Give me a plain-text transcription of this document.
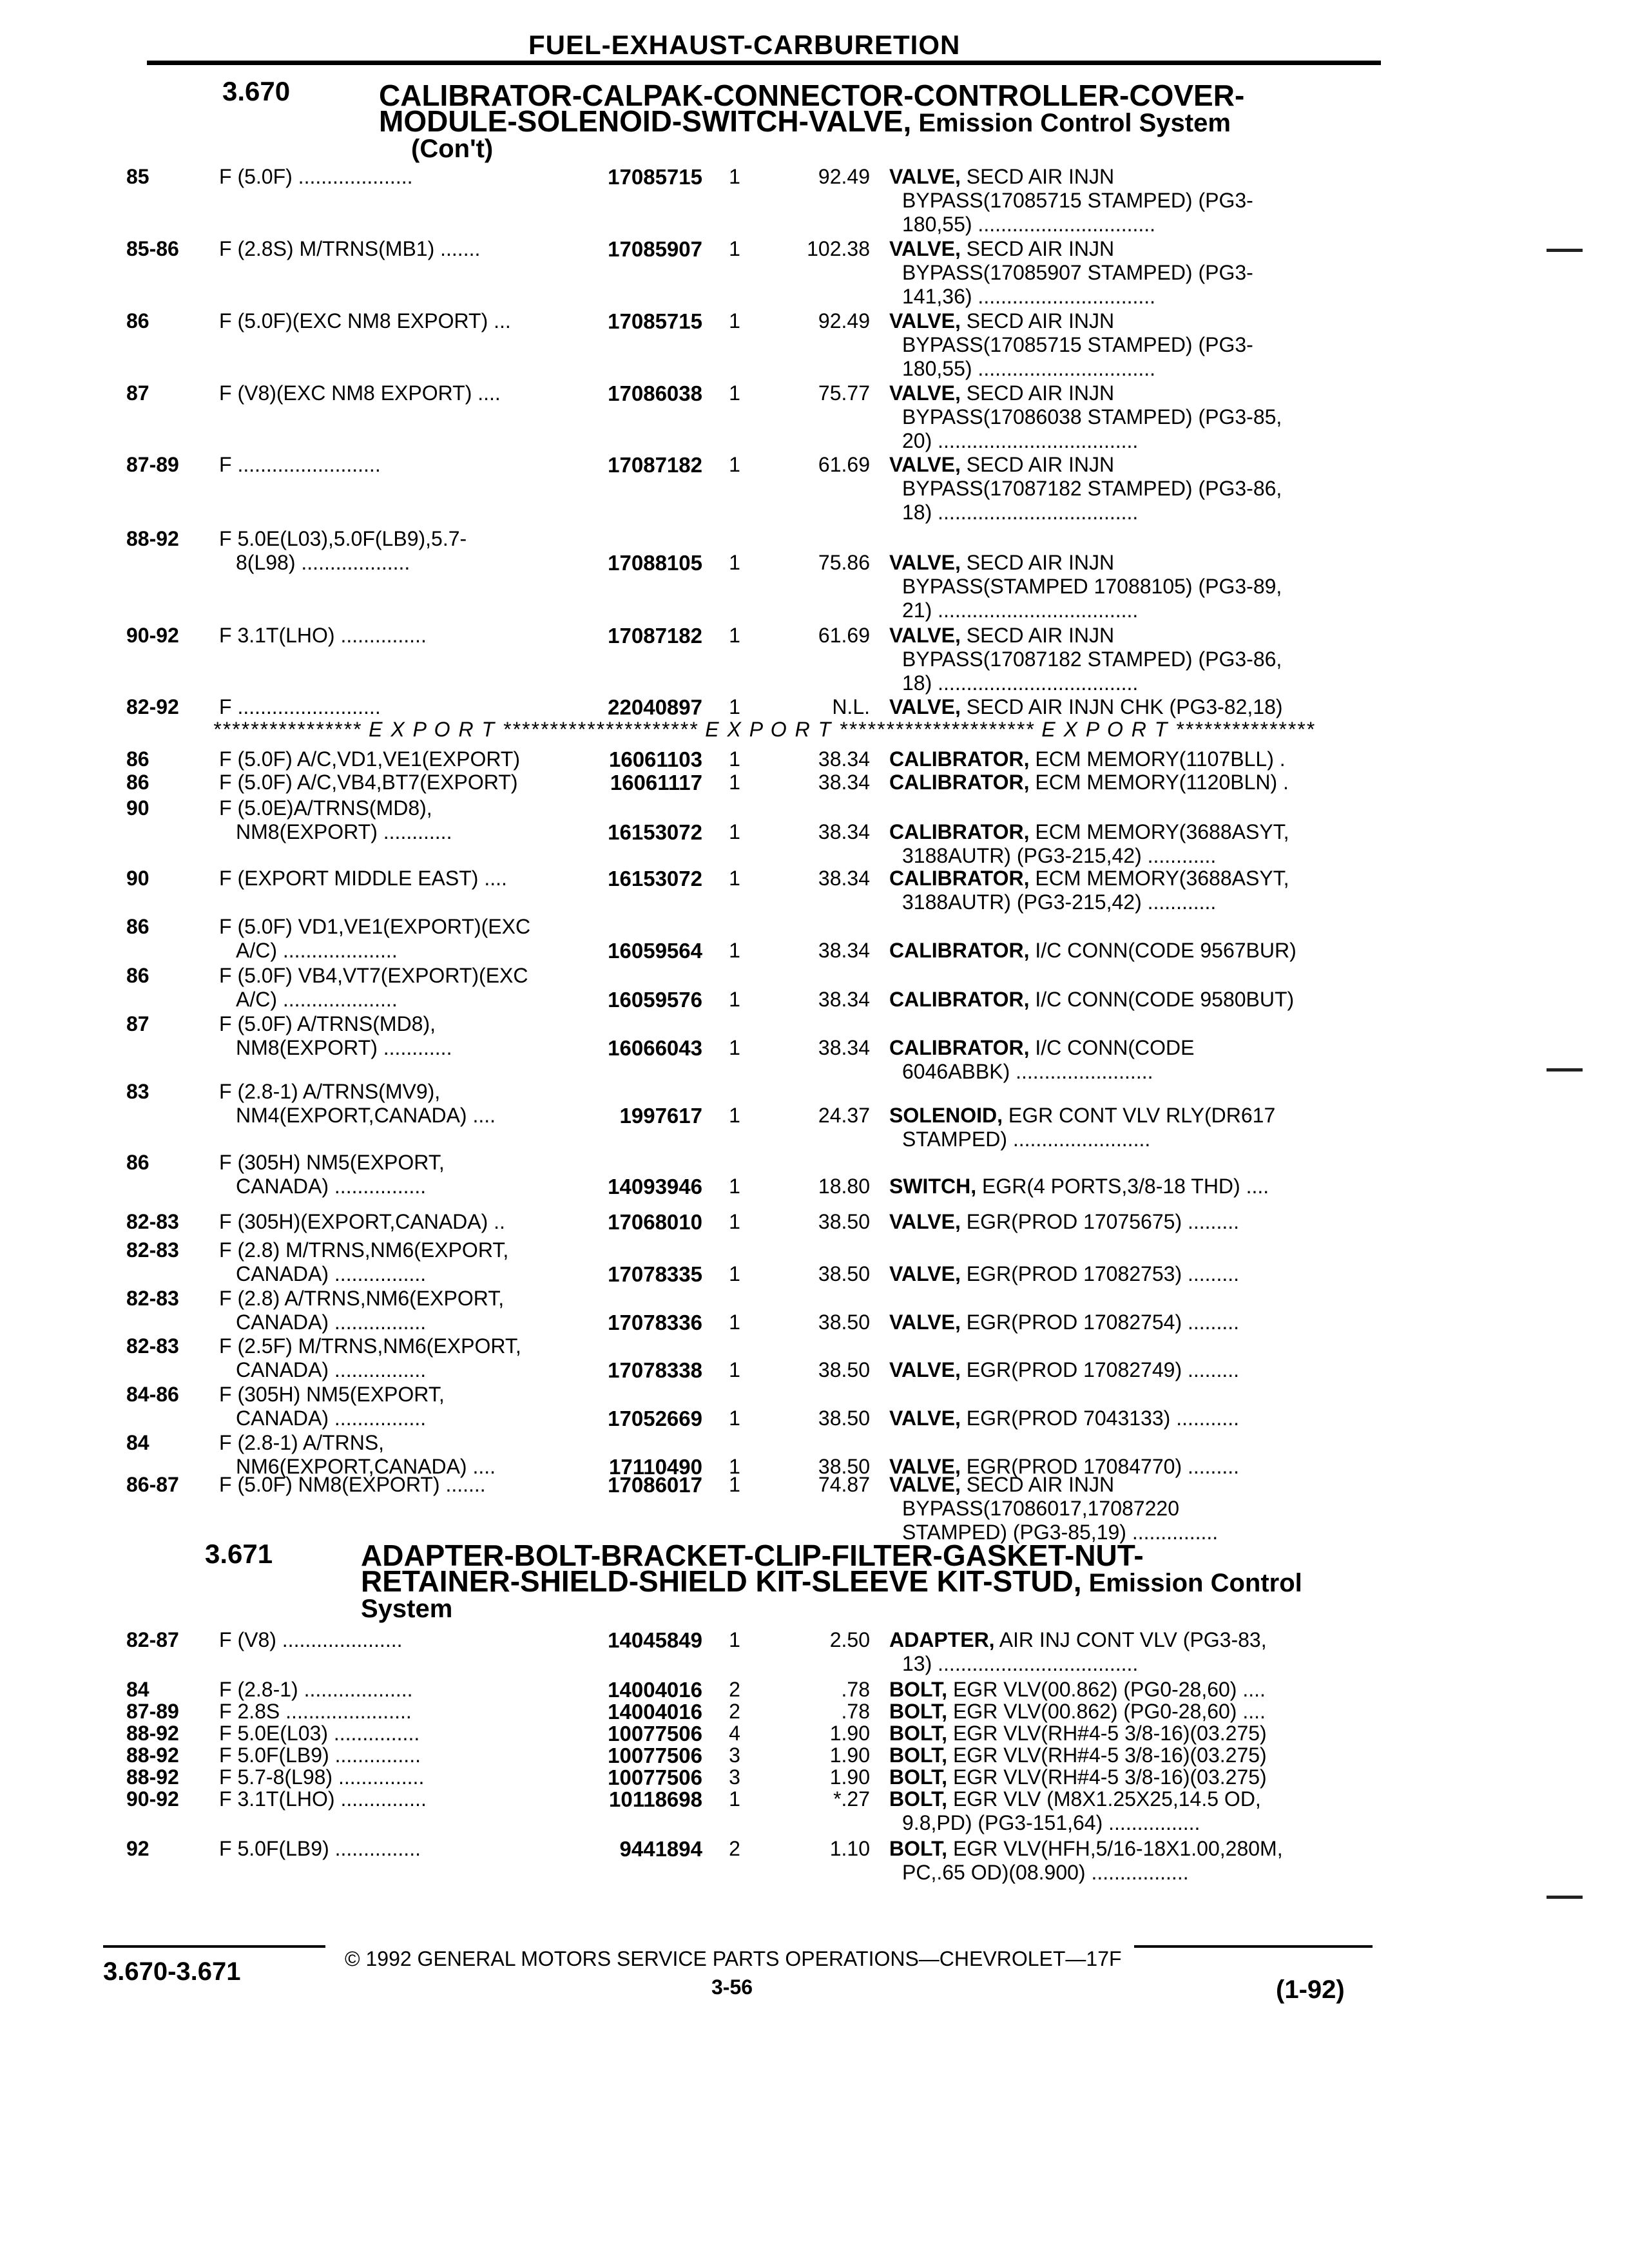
FUEL-EXHAUST-CARBURETION
3.670	CALIBRATOR-CALPAK-CONNECTOR-CONTROLLER-COVER-
MODULE-SOLENOID-SWITCH-VALVE, Emission Control System
(Con't)
3.671	ADAPTER-BOLT-BRACKET-CLIP-FILTER-GASKET-NUT-
RETAINER-SHIELD-SHIELD KIT-SLEEVE KIT-STUD, Emission Control
System
**************** E X P O R T ********************* E X P O R T ********************* E X P O R T ***************
85	F (5.0F) ....................	17085715	1	92.49 VALVE, SECD AIR INJN
BYPASS(17085715 STAMPED) (PG3-
180,55) ...............................
85-86 F (2.8S) M/TRNS(MB1) .......	17085907	1	102.38 VALVE, SECD AIR INJN
BYPASS(17085907 STAMPED) (PG3-
141,36) ...............................
86	F (5.0F)(EXC NM8 EXPORT) ...	17085715	1	92.49 VALVE, SECD AIR INJN
BYPASS(17085715 STAMPED) (PG3-
180,55) ...............................
87	F (V8)(EXC NM8 EXPORT) ....	17086038	1	75.77 VALVE, SECD AIR INJN
BYPASS(17086038 STAMPED) (PG3-85,
20) ...................................
87-89 F .........................	17087182	1	61.69 VALVE, SECD AIR INJN
BYPASS(17087182 STAMPED) (PG3-86,
18) ...................................
88-92 F 5.0E(L03),5.0F(LB9),5.7-
8(L98) ...................	17088105	1	75.86 VALVE, SECD AIR INJN
BYPASS(STAMPED 17088105) (PG3-89,
21) ...................................
90-92 F 3.1T(LHO) ...............	17087182	1	61.69 VALVE, SECD AIR INJN
BYPASS(17087182 STAMPED) (PG3-86,
18) ...................................
82-92 F .........................	22040897	1	N.L. VALVE, SECD AIR INJN CHK (PG3-82,18)
86	F (5.0F) A/C,VD1,VE1(EXPORT)	16061103	1	38.34 CALIBRATOR, ECM MEMORY(1107BLL) .
86	F (5.0F) A/C,VB4,BT7(EXPORT)	16061117	1	38.34 CALIBRATOR, ECM MEMORY(1120BLN) .
90	F (5.0E)A/TRNS(MD8),
NM8(EXPORT) ............	16153072	1	38.34 CALIBRATOR, ECM MEMORY(3688ASYT,
3188AUTR) (PG3-215,42) ............
90	F (EXPORT MIDDLE EAST) ....	16153072	1	38.34 CALIBRATOR, ECM MEMORY(3688ASYT,
3188AUTR) (PG3-215,42) ............
86	F (5.0F) VD1,VE1(EXPORT)(EXC
A/C) ....................	16059564	1	38.34 CALIBRATOR, I/C CONN(CODE 9567BUR)
86	F (5.0F) VB4,VT7(EXPORT)(EXC
A/C) ....................	16059576	1	38.34 CALIBRATOR, I/C CONN(CODE 9580BUT)
87	F (5.0F) A/TRNS(MD8),
NM8(EXPORT) ............	16066043	1	38.34 CALIBRATOR, I/C CONN(CODE
6046ABBK) ........................
83	F (2.8-1) A/TRNS(MV9),
NM4(EXPORT,CANADA) ....	1997617	1	24.37 SOLENOID, EGR CONT VLV RLY(DR617
STAMPED) ........................
86	F (305H) NM5(EXPORT,
CANADA) ................	14093946	1	18.80 SWITCH, EGR(4 PORTS,3/8-18 THD) ....
82-83 F (305H)(EXPORT,CANADA) ..	17068010	1	38.50 VALVE, EGR(PROD 17075675) .........
82-83 F (2.8) M/TRNS,NM6(EXPORT,
CANADA) ................	17078335	1	38.50 VALVE, EGR(PROD 17082753) .........
82-83 F (2.8) A/TRNS,NM6(EXPORT,
CANADA) ................	17078336	1	38.50 VALVE, EGR(PROD 17082754) .........
82-83 F (2.5F) M/TRNS,NM6(EXPORT,
CANADA) ................	17078338	1	38.50 VALVE, EGR(PROD 17082749) .........
84-86 F (305H) NM5(EXPORT,
CANADA) ................	17052669	1	38.50 VALVE, EGR(PROD 7043133) ...........
84	F (2.8-1) A/TRNS,
NM6(EXPORT,CANADA) ....	17110490	1	38.50 VALVE, EGR(PROD 17084770) .........
86-87 F (5.0F) NM8(EXPORT) .......	17086017	1	74.87 VALVE, SECD AIR INJN
BYPASS(17086017,17087220
STAMPED) (PG3-85,19) ...............
82-87 F (V8) .....................	14045849	1	2.50 ADAPTER, AIR INJ CONT VLV (PG3-83,
13) ...................................
84	F (2.8-1) ...................	14004016	2	.78 BOLT, EGR VLV(00.862) (PG0-28,60) ....
87-89 F 2.8S ......................	14004016	2	.78 BOLT, EGR VLV(00.862) (PG0-28,60) ....
88-92 F 5.0E(L03) ...............	10077506	4	1.90 BOLT, EGR VLV(RH#4-5 3/8-16)(03.275)
88-92 F 5.0F(LB9) ...............	10077506	3	1.90 BOLT, EGR VLV(RH#4-5 3/8-16)(03.275)
88-92 F 5.7-8(L98) ...............	10077506	3	1.90 BOLT, EGR VLV(RH#4-5 3/8-16)(03.275)
90-92 F 3.1T(LHO) ...............	10118698	1	*.27 BOLT, EGR VLV (M8X1.25X25,14.5 OD,
9.8,PD) (PG3-151,64) ................
92	F 5.0F(LB9) ...............	9441894	2	1.10 BOLT, EGR VLV(HFH,5/16-18X1.00,280M,
PC,.65 OD)(08.900) .................
3.670-3.671	© 1992 GENERAL MOTORS SERVICE PARTS OPERATIONS—CHEVROLET—17F
3-56	(1-92)
